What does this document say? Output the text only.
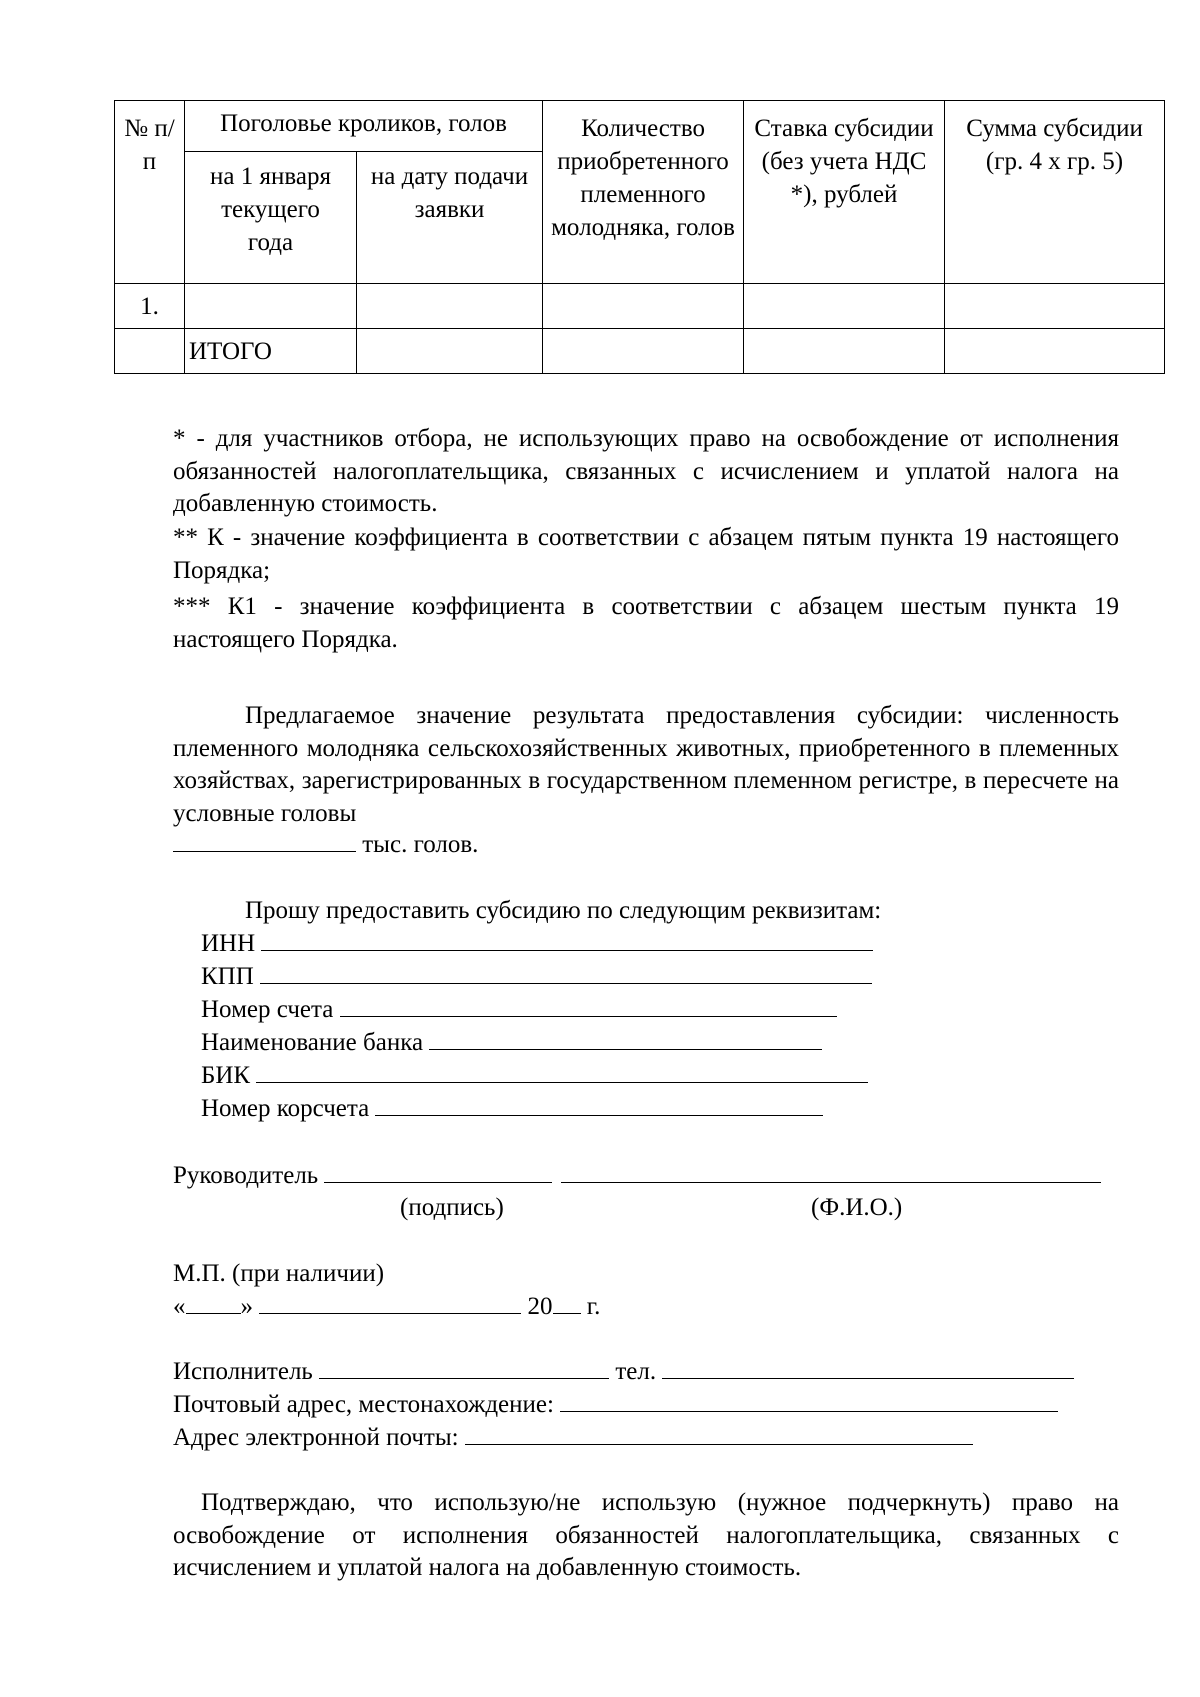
№ п/п	Поголовье кроликов, голов		Количество приобретенного племенного молодняка, голов	Ставка субсидии (без учета НДС *), рублей	Сумма субсидии (гр. 4 х гр. 5)
	на 1 января текущего года	на дату подачи заявки			
1.					
	ИТОГО				

* - для участников отбора, не использующих право на освобождение от исполнения обязанностей налогоплательщика, связанных с исчислением и уплатой налога на добавленную стоимость.

** К - значение коэффициента в соответствии с абзацем пятым пункта 19 настоящего Порядка;

*** К1 - значение коэффициента в соответствии с абзацем шестым пункта 19 настоящего Порядка.

Предлагаемое значение результата предоставления субсидии: численность племенного молодняка сельскохозяйственных животных, приобретенного в племенных хозяйствах, зарегистрированных в государственном племенном регистре, в пересчете на условные головы

тыс. голов.
Прошу предоставить субсидию по следующим реквизитам:
ИНН
КПП
Номер счета
Наименование банка
БИК
Номер корсчета
Руководитель
(подпись)	(Ф.И.О.)
М.П. (при наличии)
« »	20 г.
Исполнитель	тел.
Почтовый адрес, местонахождение:
Адрес электронной почты:

Подтверждаю, что использую/не использую (нужное подчеркнуть) право на освобождение от исполнения обязанностей налогоплательщика, связанных с исчислением и уплатой налога на добавленную стоимость.
